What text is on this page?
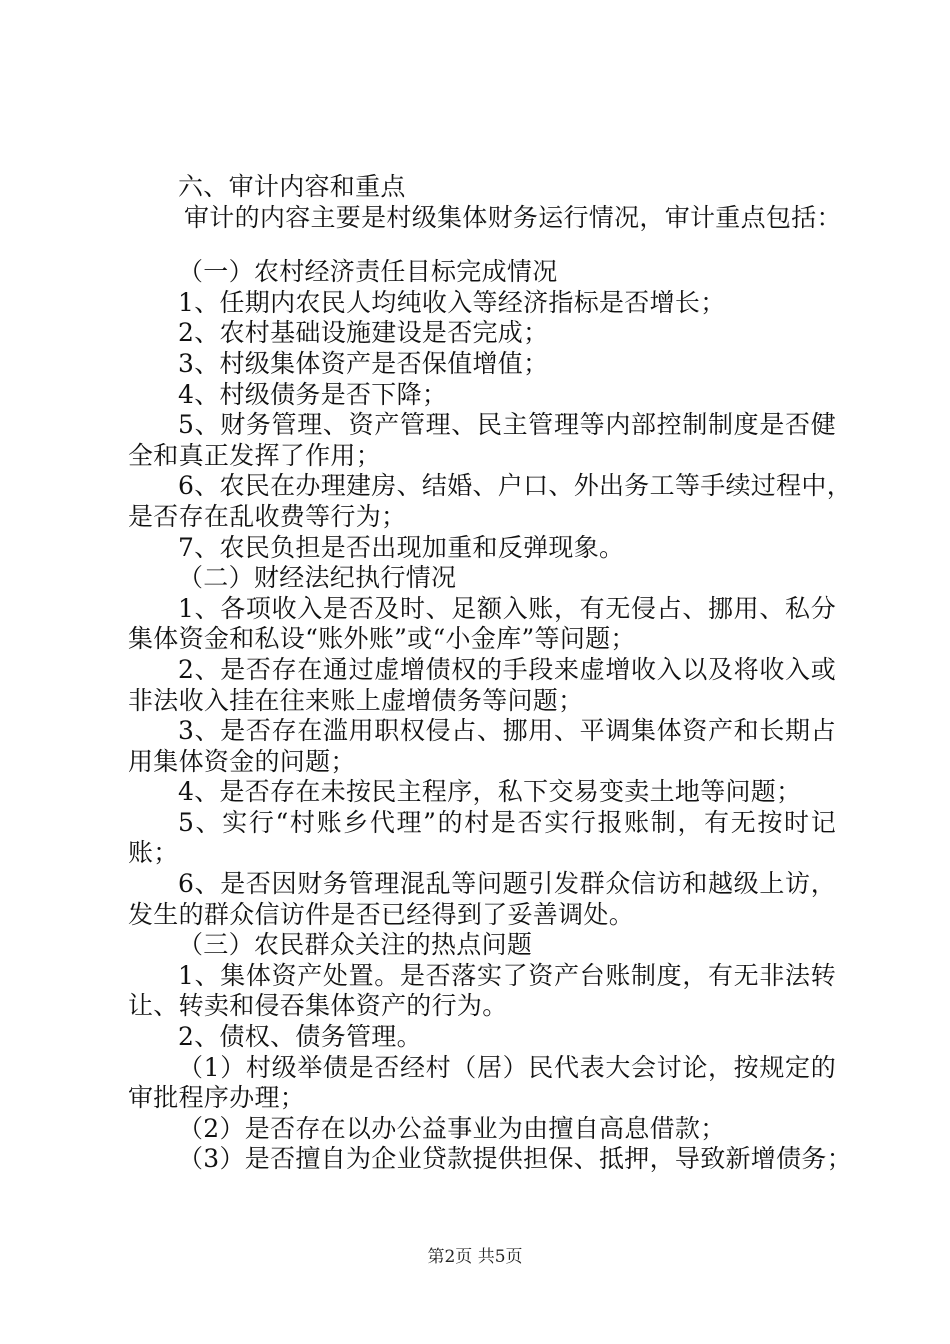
六、审计内容和重点
审计的内容主要是村级集体财务运行情况，审计重点包括：
（一）农村经济责任目标完成情况
1、任期内农民人均纯收入等经济指标是否增长；
2、农村基础设施建设是否完成；
3、村级集体资产是否保值增值；
4、村级债务是否下降；
5、财务管理、资产管理、民主管理等内部控制制度是否健
全和真正发挥了作用；
6、农民在办理建房、结婚、户口、外出务工等手续过程中，
是否存在乱收费等行为；
7、农民负担是否出现加重和反弹现象。
（二）财经法纪执行情况
1、各项收入是否及时、足额入账，有无侵占、挪用、私分
集体资金和私设“账外账”或“小金库”等问题；
2、是否存在通过虚增债权的手段来虚增收入以及将收入或
非法收入挂在往来账上虚增债务等问题；
3、是否存在滥用职权侵占、挪用、平调集体资产和长期占
用集体资金的问题；
4、是否存在未按民主程序，私下交易变卖土地等问题；
5、实行“村账乡代理”的村是否实行报账制，有无按时记
账；
6、是否因财务管理混乱等问题引发群众信访和越级上访，
发生的群众信访件是否已经得到了妥善调处。
（三）农民群众关注的热点问题
1、集体资产处置。是否落实了资产台账制度，有无非法转
让、转卖和侵吞集体资产的行为。
2、债权、债务管理。
（1）村级举债是否经村（居）民代表大会讨论，按规定的
审批程序办理；
（2）是否存在以办公益事业为由擅自高息借款；
（3）是否擅自为企业贷款提供担保、抵押，导致新增债务；
第2页 共5页
